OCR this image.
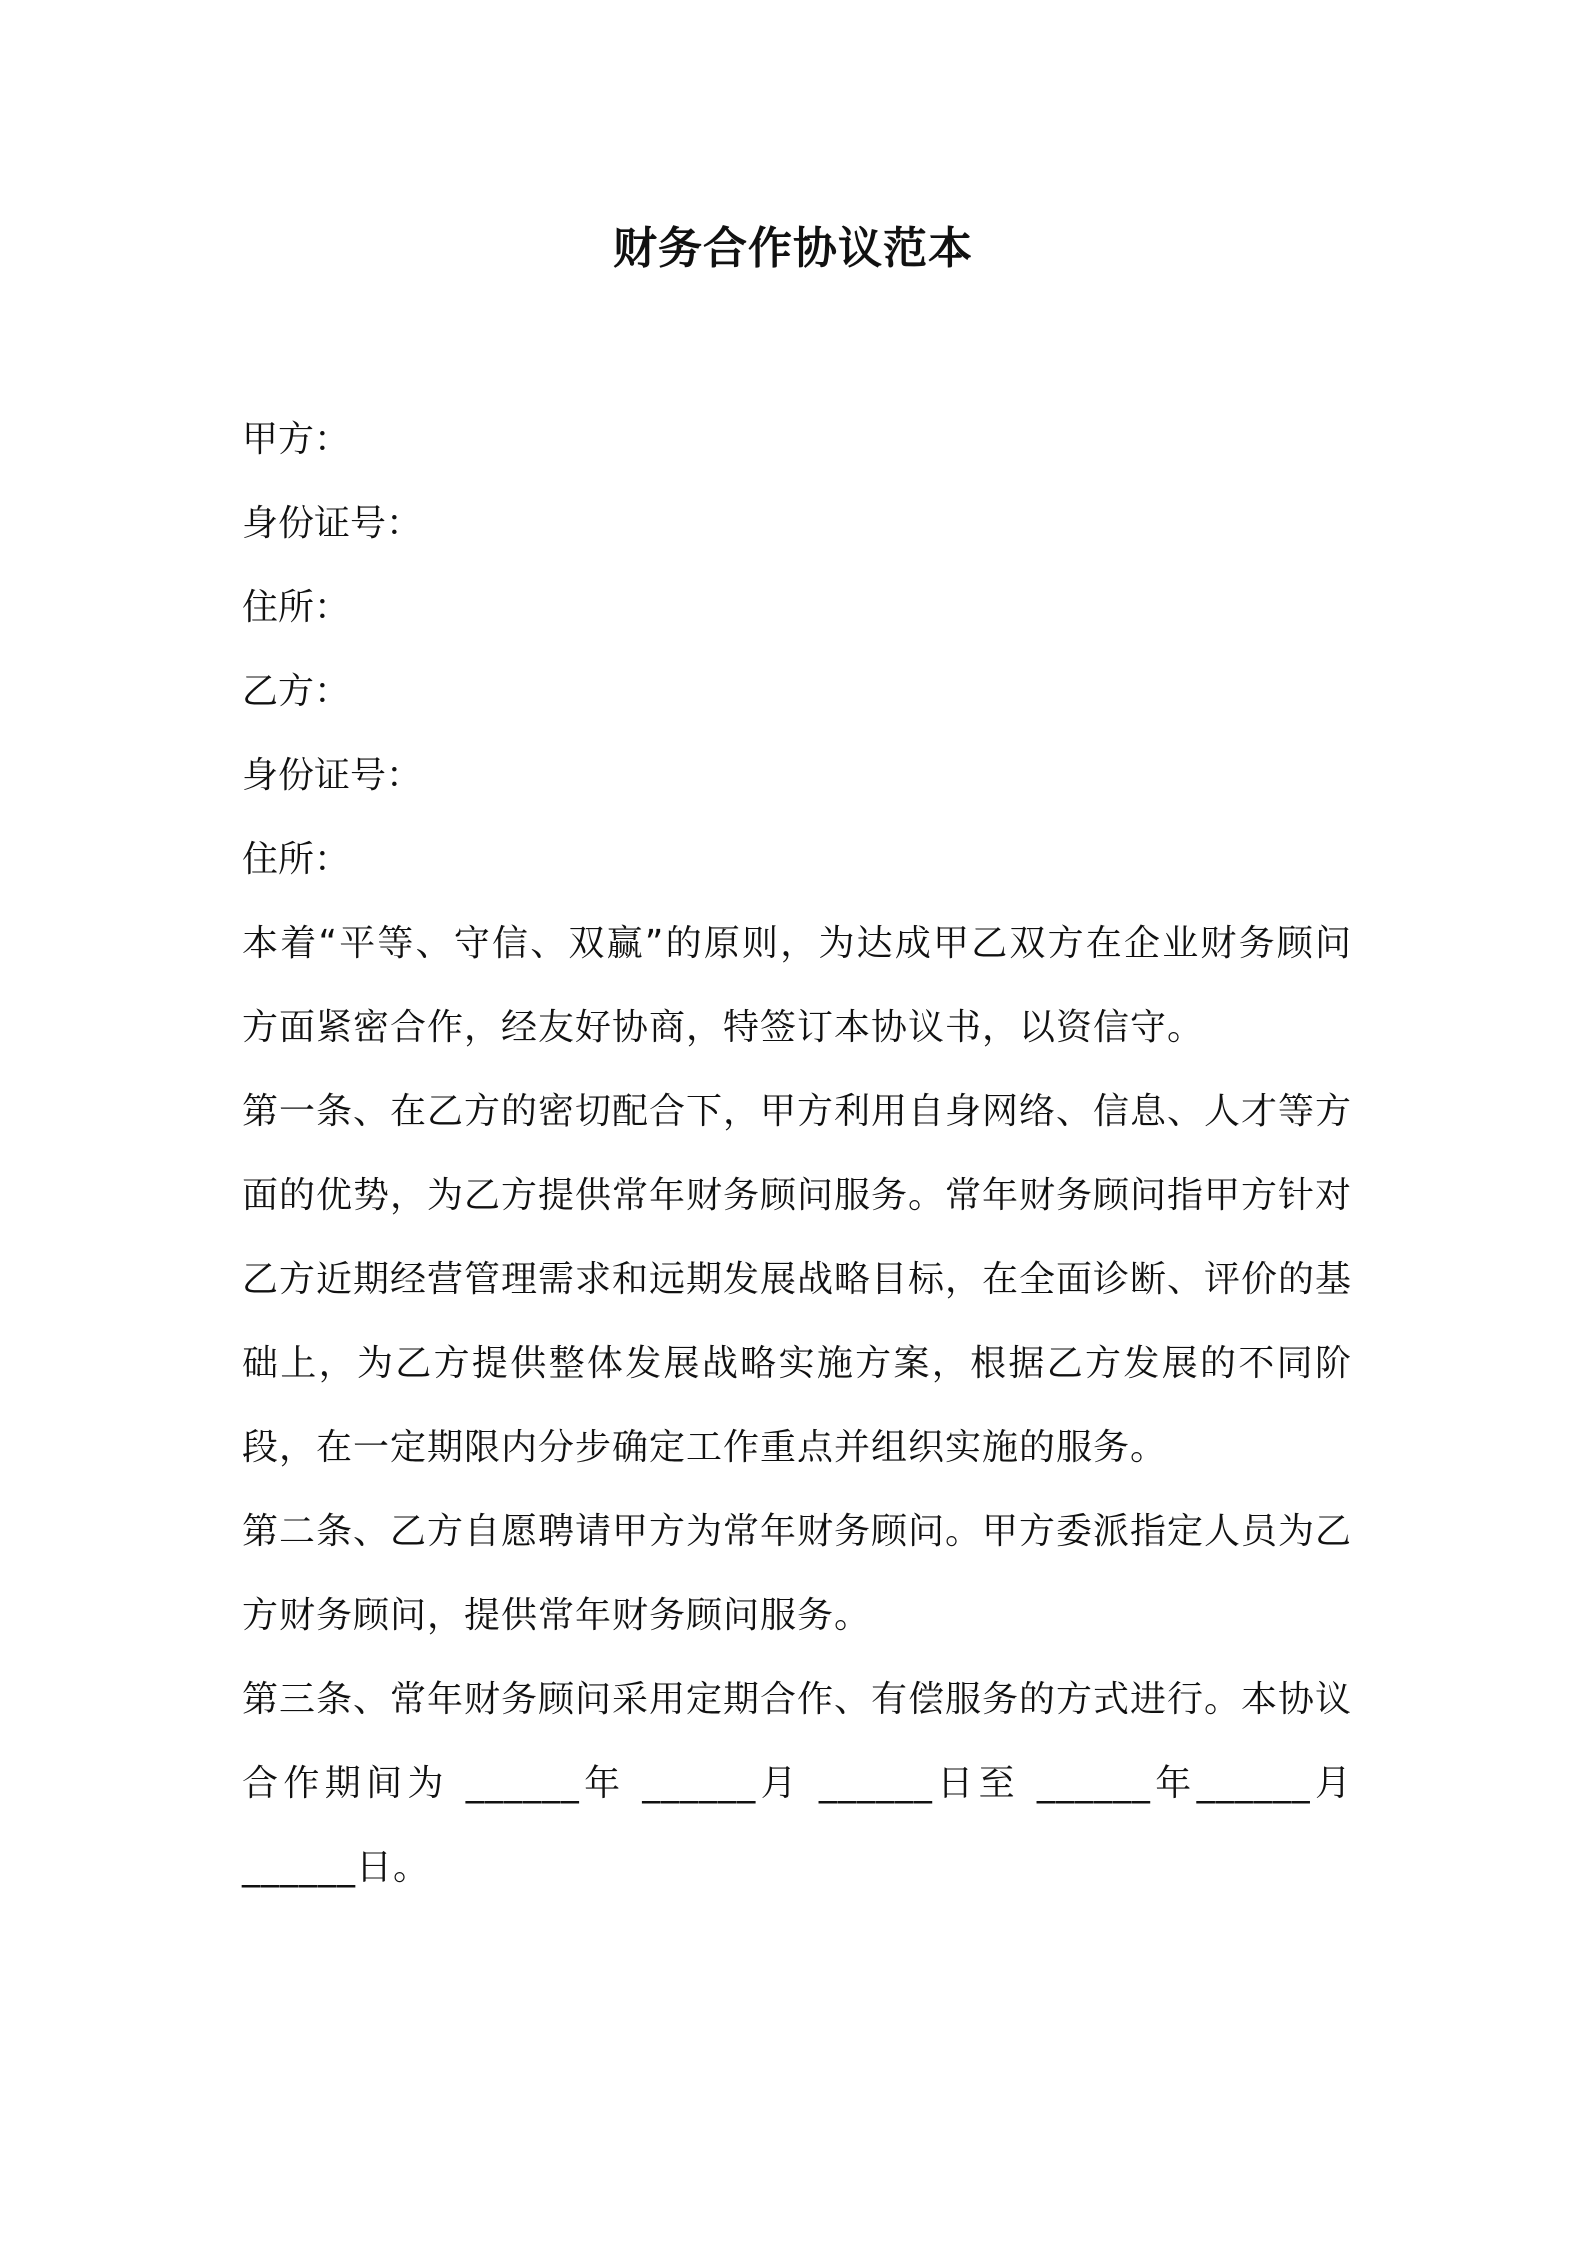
财务合作协议范本
甲方：
身份证号：
住所：
乙方：
身份证号：
住所：
本着“平等、守信、双赢”的原则，为达成甲乙双方在企业财务顾问方面紧密合作，经友好协商，特签订本协议书，以资信守。
第一条、在乙方的密切配合下，甲方利用自身网络、信息、人才等方面的优势，为乙方提供常年财务顾问服务。常年财务顾问指甲方针对乙方近期经营管理需求和远期发展战略目标，在全面诊断、评价的基础上，为乙方提供整体发展战略实施方案，根据乙方发展的不同阶段，在一定期限内分步确定工作重点并组织实施的服务。
第二条、乙方自愿聘请甲方为常年财务顾问。甲方委派指定人员为乙方财务顾问，提供常年财务顾问服务。
第三条、常年财务顾问采用定期合作、有偿服务的方式进行。本协议合作期间为 ______年 ______月 ______日至 ______年______月______日。
